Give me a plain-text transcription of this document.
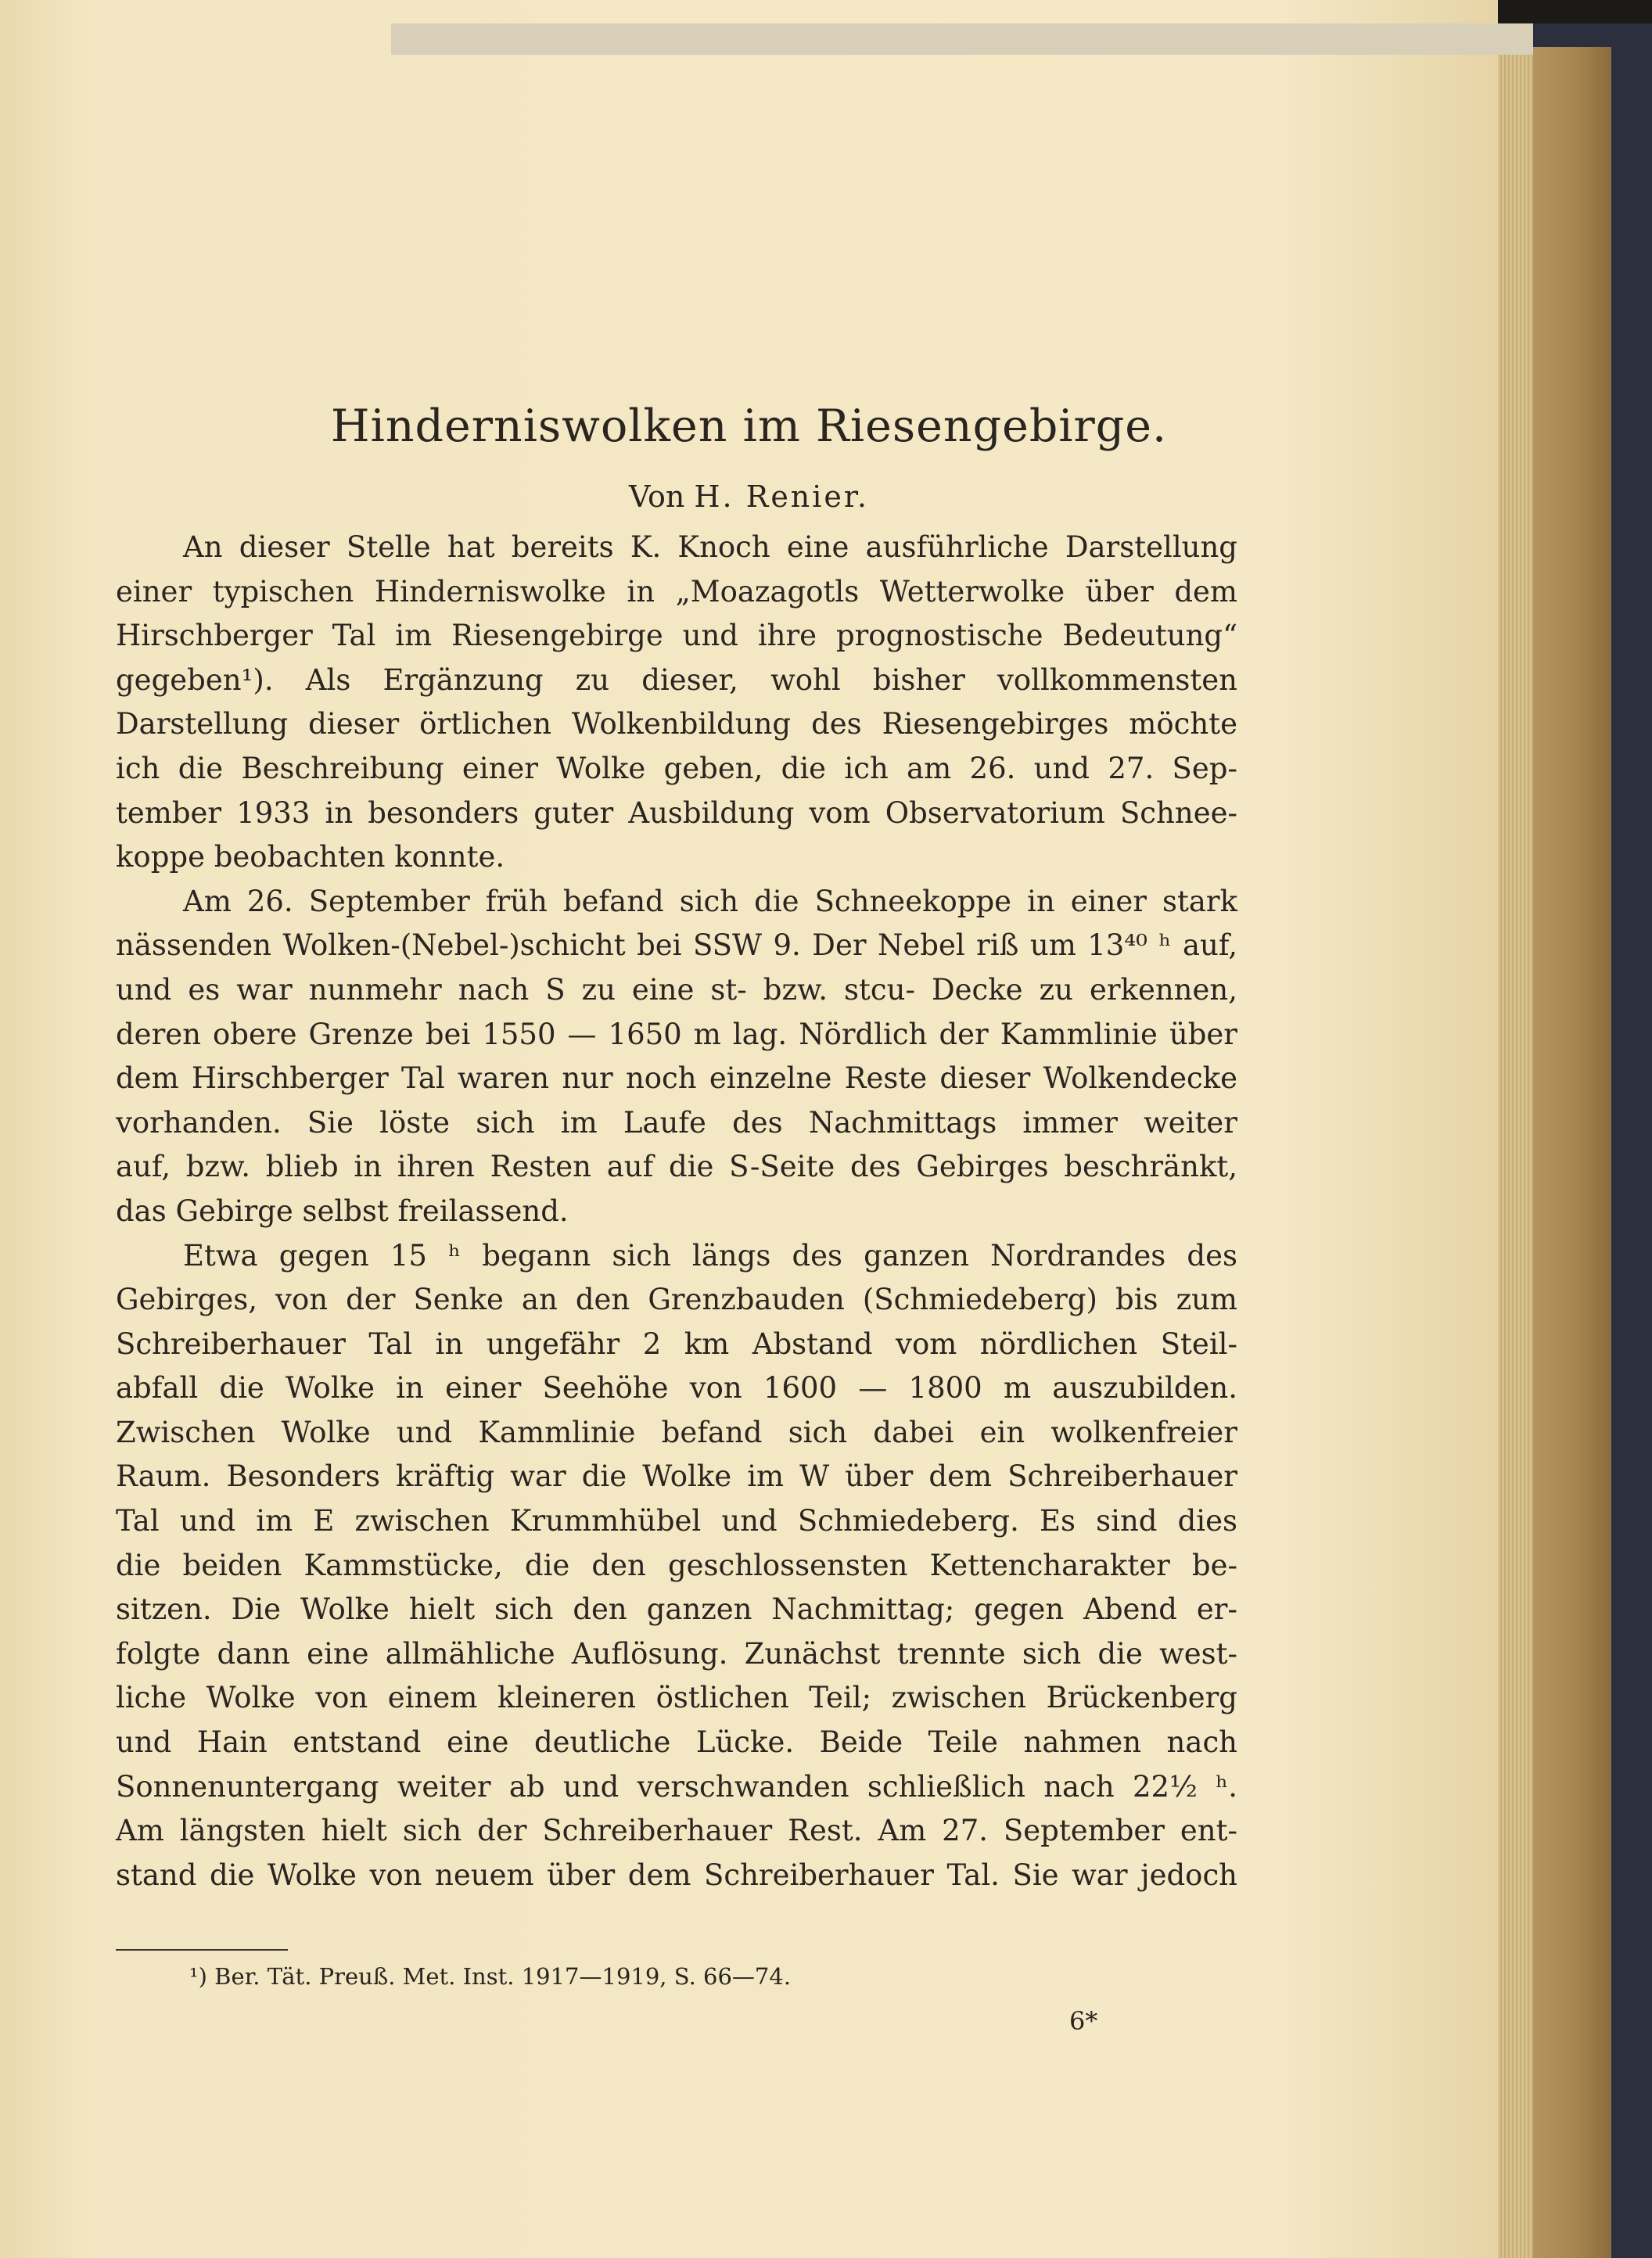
Hinderniswolken im Riesengebirge.
Von H. Renier.
An dieser Stelle hat bereits K. Knoch eine ausführliche Darstellung
einer typischen Hinderniswolke in „Moazagotls Wetterwolke über dem
Hirschberger Tal im Riesengebirge und ihre prognostische Bedeutung“
gegeben¹). Als Ergänzung zu dieser, wohl bisher vollkommensten
Darstellung dieser örtlichen Wolkenbildung des Riesengebirges möchte
ich die Beschreibung einer Wolke geben, die ich am 26. und 27. Sep-
tember 1933 in besonders guter Ausbildung vom Observatorium Schnee-
koppe beobachten konnte.
Am 26. September früh befand sich die Schneekoppe in einer stark
nässenden Wolken-(Nebel-)schicht bei SSW 9. Der Nebel riß um 13⁴⁰ ʰ auf,
und es war nunmehr nach S zu eine st- bzw. stcu- Decke zu erkennen,
deren obere Grenze bei 1550 — 1650 m lag. Nördlich der Kammlinie über
dem Hirschberger Tal waren nur noch einzelne Reste dieser Wolkendecke
vorhanden. Sie löste sich im Laufe des Nachmittags immer weiter
auf, bzw. blieb in ihren Resten auf die S-Seite des Gebirges beschränkt,
das Gebirge selbst freilassend.
Etwa gegen 15 ʰ begann sich längs des ganzen Nordrandes des
Gebirges, von der Senke an den Grenzbauden (Schmiedeberg) bis zum
Schreiberhauer Tal in ungefähr 2 km Abstand vom nördlichen Steil-
abfall die Wolke in einer Seehöhe von 1600 — 1800 m auszubilden.
Zwischen Wolke und Kammlinie befand sich dabei ein wolkenfreier
Raum. Besonders kräftig war die Wolke im W über dem Schreiberhauer
Tal und im E zwischen Krummhübel und Schmiedeberg. Es sind dies
die beiden Kammstücke, die den geschlossensten Kettencharakter be-
sitzen. Die Wolke hielt sich den ganzen Nachmittag; gegen Abend er-
folgte dann eine allmähliche Auflösung. Zunächst trennte sich die west-
liche Wolke von einem kleineren östlichen Teil; zwischen Brückenberg
und Hain entstand eine deutliche Lücke. Beide Teile nahmen nach
Sonnenuntergang weiter ab und verschwanden schließlich nach 22½ ʰ.
Am längsten hielt sich der Schreiberhauer Rest. Am 27. September ent-
stand die Wolke von neuem über dem Schreiberhauer Tal. Sie war jedoch
¹) Ber. Tät. Preuß. Met. Inst. 1917—1919, S. 66—74.
6*
